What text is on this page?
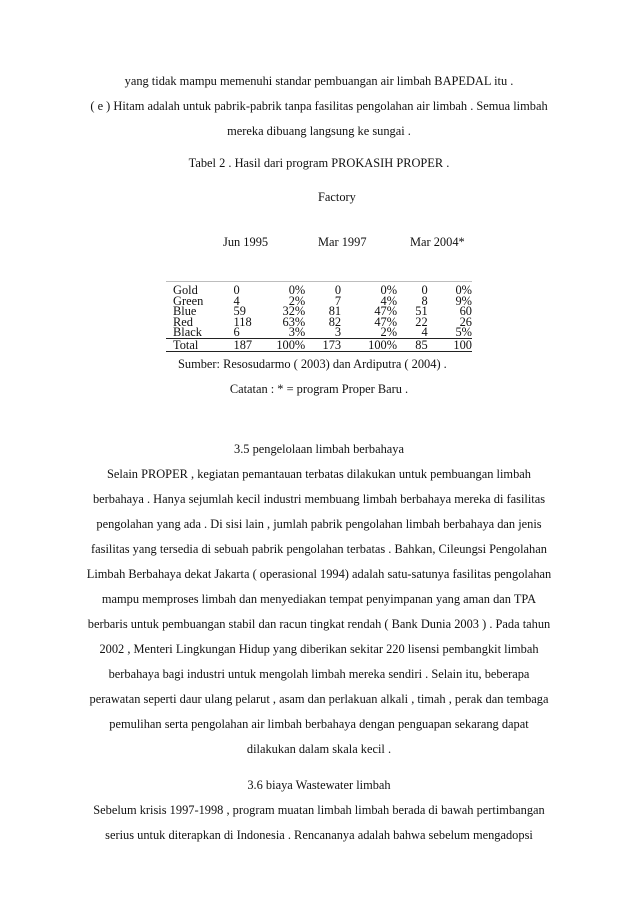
yang tidak mampu memenuhi standar pembuangan air limbah BAPEDAL itu .
( e ) Hitam adalah untuk pabrik-pabrik tanpa fasilitas pengolahan air limbah . Semua limbah
mereka dibuang langsung ke sungai .
Tabel 2 . Hasil dari program PROKASIH PROPER .
Factory
Jun 1995	Mar 1997	Mar 2004*
Gold	0	0%	0	0%	0	0%
Green	4	2%	7	4%	8	9%
Blue	59	32%	81	47%	51	60
Red	118	63%	82	47%	22	26
Black	6	3%	3	2%	4	5%
Total	187	100%	173	100%	85	100
Sumber: Resosudarmo ( 2003) dan Ardiputra ( 2004) .
Catatan : * = program Proper Baru .
3.5 pengelolaan limbah berbahaya
Selain PROPER , kegiatan pemantauan terbatas dilakukan untuk pembuangan limbah
berbahaya . Hanya sejumlah kecil industri membuang limbah berbahaya mereka di fasilitas
pengolahan yang ada . Di sisi lain , jumlah pabrik pengolahan limbah berbahaya dan jenis
fasilitas yang tersedia di sebuah pabrik pengolahan terbatas . Bahkan, Cileungsi Pengolahan
Limbah Berbahaya dekat Jakarta ( operasional 1994) adalah satu-satunya fasilitas pengolahan
mampu memproses limbah dan menyediakan tempat penyimpanan yang aman dan TPA
berbaris untuk pembuangan stabil dan racun tingkat rendah ( Bank Dunia 2003 ) . Pada tahun
2002 , Menteri Lingkungan Hidup yang diberikan sekitar 220 lisensi pembangkit limbah
berbahaya bagi industri untuk mengolah limbah mereka sendiri . Selain itu, beberapa
perawatan seperti daur ulang pelarut , asam dan perlakuan alkali , timah , perak dan tembaga
pemulihan serta pengolahan air limbah berbahaya dengan penguapan sekarang dapat
dilakukan dalam skala kecil .
3.6 biaya Wastewater limbah
Sebelum krisis 1997-1998 , program muatan limbah limbah berada di bawah pertimbangan
serius untuk diterapkan di Indonesia . Rencananya adalah bahwa sebelum mengadopsi
